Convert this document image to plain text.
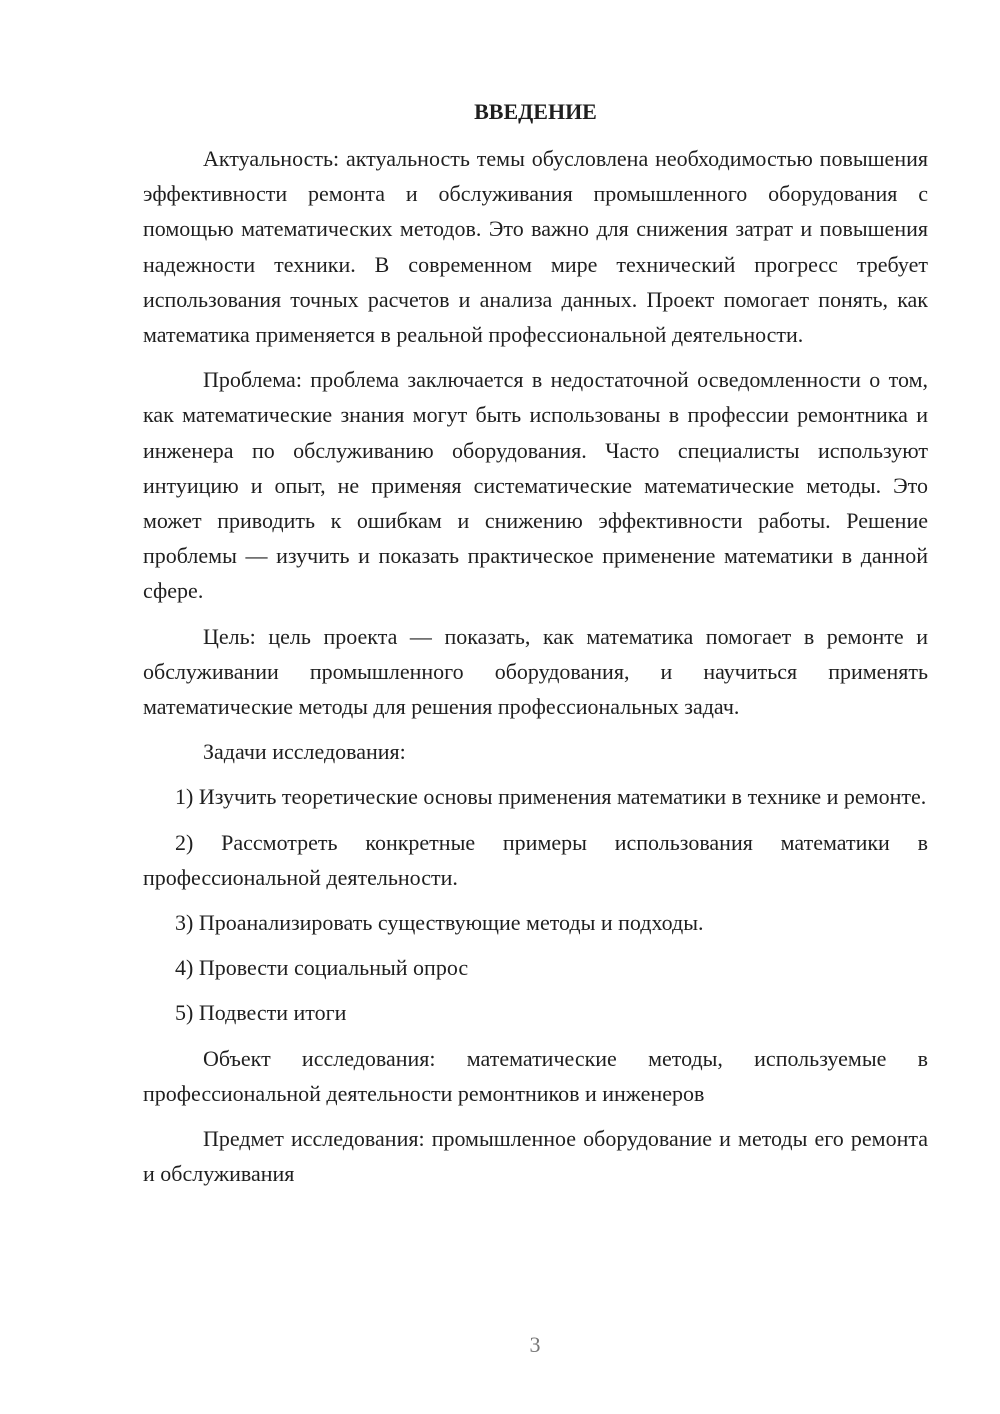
ВВЕДЕНИЕ

Актуальность: актуальность темы обусловлена необходимостью повышения эффективности ремонта и обслуживания промышленного оборудования с помощью математических методов. Это важно для снижения затрат и повышения надежности техники. В современном мире технический прогресс требует использования точных расчетов и анализа данных. Проект помогает понять, как математика применяется в реальной профессиональной деятельности.

Проблема: проблема заключается в недостаточной осведомленности о том, как математические знания могут быть использованы в профессии ремонтника и инженера по обслуживанию оборудования. Часто специалисты используют интуицию и опыт, не применяя систематические математические методы. Это может приводить к ошибкам и снижению эффективности работы. Решение проблемы — изучить и показать практическое применение математики в данной сфере.

Цель: цель проекта — показать, как математика помогает в ремонте и обслуживании промышленного оборудования, и научиться применять математические методы для решения профессиональных задач.

Задачи исследования:

1) Изучить теоретические основы применения математики в технике и ремонте.

2) Рассмотреть конкретные примеры использования математики в профессиональной деятельности.

3) Проанализировать существующие методы и подходы.

4) Провести социальный опрос

5) Подвести итоги

Объект исследования: математические методы, используемые в профессиональной деятельности ремонтников и инженеров

Предмет исследования: промышленное оборудование и методы его ремонта и обслуживания

3
